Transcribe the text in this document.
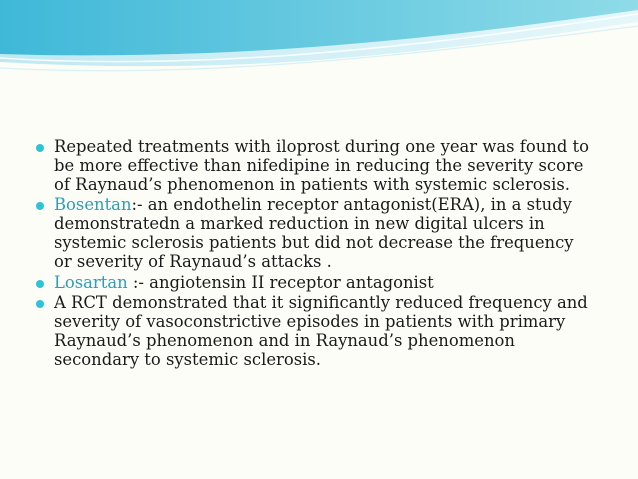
Repeated treatments with iloprost during one year was found to be more effective than nifedipine in reducing the severity score of Raynaud’s phenomenon in patients with systemic sclerosis.
Bosentan:- an endothelin receptor antagonist(ERA), in a study demonstratedn a marked reduction in new digital ulcers in systemic sclerosis patients but did not decrease the frequency or severity of Raynaud’s attacks .
Losartan :- angiotensin II receptor antagonist
A RCT demonstrated that it significantly reduced frequency and severity of vasoconstrictive episodes in patients with primary Raynaud’s phenomenon and in Raynaud’s phenomenon secondary to systemic sclerosis.
